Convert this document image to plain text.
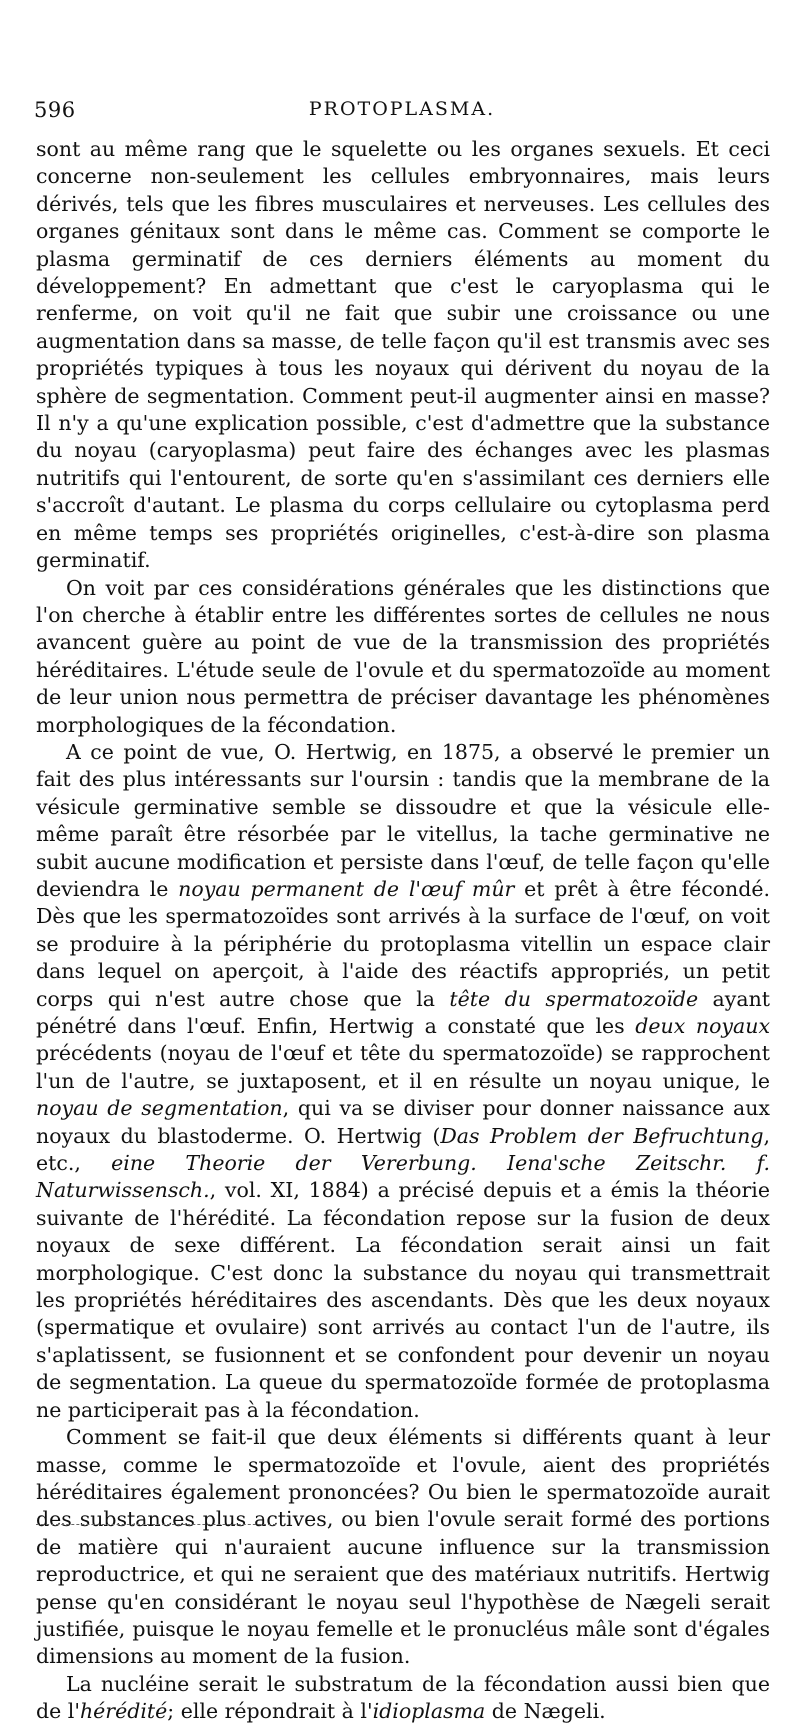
596	PROTOPLASMA.

sont au même rang que le squelette ou les organes sexuels. Et ceci concerne non-seulement les cellules embryonnaires, mais leurs dérivés, tels que les fibres musculaires et nerveuses. Les cellules des organes génitaux sont dans le même cas. Comment se comporte le plasma germinatif de ces derniers éléments au moment du développement? En admettant que c'est le caryoplasma qui le renferme, on voit qu'il ne fait que subir une croissance ou une augmentation dans sa masse, de telle façon qu'il est transmis avec ses propriétés typiques à tous les noyaux qui dérivent du noyau de la sphère de segmentation. Comment peut-il augmenter ainsi en masse? Il n'y a qu'une explication possible, c'est d'admettre que la substance du noyau (caryoplasma) peut faire des échanges avec les plasmas nutritifs qui l'entourent, de sorte qu'en s'assimilant ces derniers elle s'accroît d'autant. Le plasma du corps cellulaire ou cytoplasma perd en même temps ses propriétés originelles, c'est-à-dire son plasma germinatif.

On voit par ces considérations générales que les distinctions que l'on cherche à établir entre les différentes sortes de cellules ne nous avancent guère au point de vue de la transmission des propriétés héréditaires. L'étude seule de l'ovule et du spermatozoïde au moment de leur union nous permettra de préciser davantage les phénomènes morphologiques de la fécondation.

A ce point de vue, O. Hertwig, en 1875, a observé le premier un fait des plus intéressants sur l'oursin : tandis que la membrane de la vésicule germinative semble se dissoudre et que la vésicule elle-même paraît être résorbée par le vitellus, la tache germinative ne subit aucune modification et persiste dans l'œuf, de telle façon qu'elle deviendra le noyau permanent de l'œuf mûr et prêt à être fécondé. Dès que les spermatozoïdes sont arrivés à la surface de l'œuf, on voit se produire à la périphérie du protoplasma vitellin un espace clair dans lequel on aperçoit, à l'aide des réactifs appropriés, un petit corps qui n'est autre chose que la tête du spermatozoïde ayant pénétré dans l'œuf. Enfin, Hertwig a constaté que les deux noyaux précédents (noyau de l'œuf et tête du spermatozoïde) se rapprochent l'un de l'autre, se juxtaposent, et il en résulte un noyau unique, le noyau de segmentation, qui va se diviser pour donner naissance aux noyaux du blastoderme. O. Hertwig (Das Problem der Befruchtung, etc., eine Theorie der Vererbung. Iena'sche Zeitschr. f. Naturwissensch., vol. XI, 1884) a précisé depuis et a émis la théorie suivante de l'hérédité. La fécondation repose sur la fusion de deux noyaux de sexe différent. La fécondation serait ainsi un fait morphologique. C'est donc la substance du noyau qui transmettrait les propriétés héréditaires des ascendants. Dès que les deux noyaux (spermatique et ovulaire) sont arrivés au contact l'un de l'autre, ils s'aplatissent, se fusionnent et se confondent pour devenir un noyau de segmentation. La queue du spermatozoïde formée de protoplasma ne participerait pas à la fécondation.

Comment se fait-il que deux éléments si différents quant à leur masse, comme le spermatozoïde et l'ovule, aient des propriétés héréditaires également prononcées? Ou bien le spermatozoïde aurait des substances plus actives, ou bien l'ovule serait formé des portions de matière qui n'auraient aucune influence sur la transmission reproductrice, et qui ne seraient que des matériaux nutritifs. Hertwig pense qu'en considérant le noyau seul l'hypothèse de Nægeli serait justifiée, puisque le noyau femelle et le pronucléus mâle sont d'égales dimensions au moment de la fusion.

La nucléine serait le substratum de la fécondation aussi bien que de l'hérédité; elle répondrait à l'idioplasma de Nægeli.
